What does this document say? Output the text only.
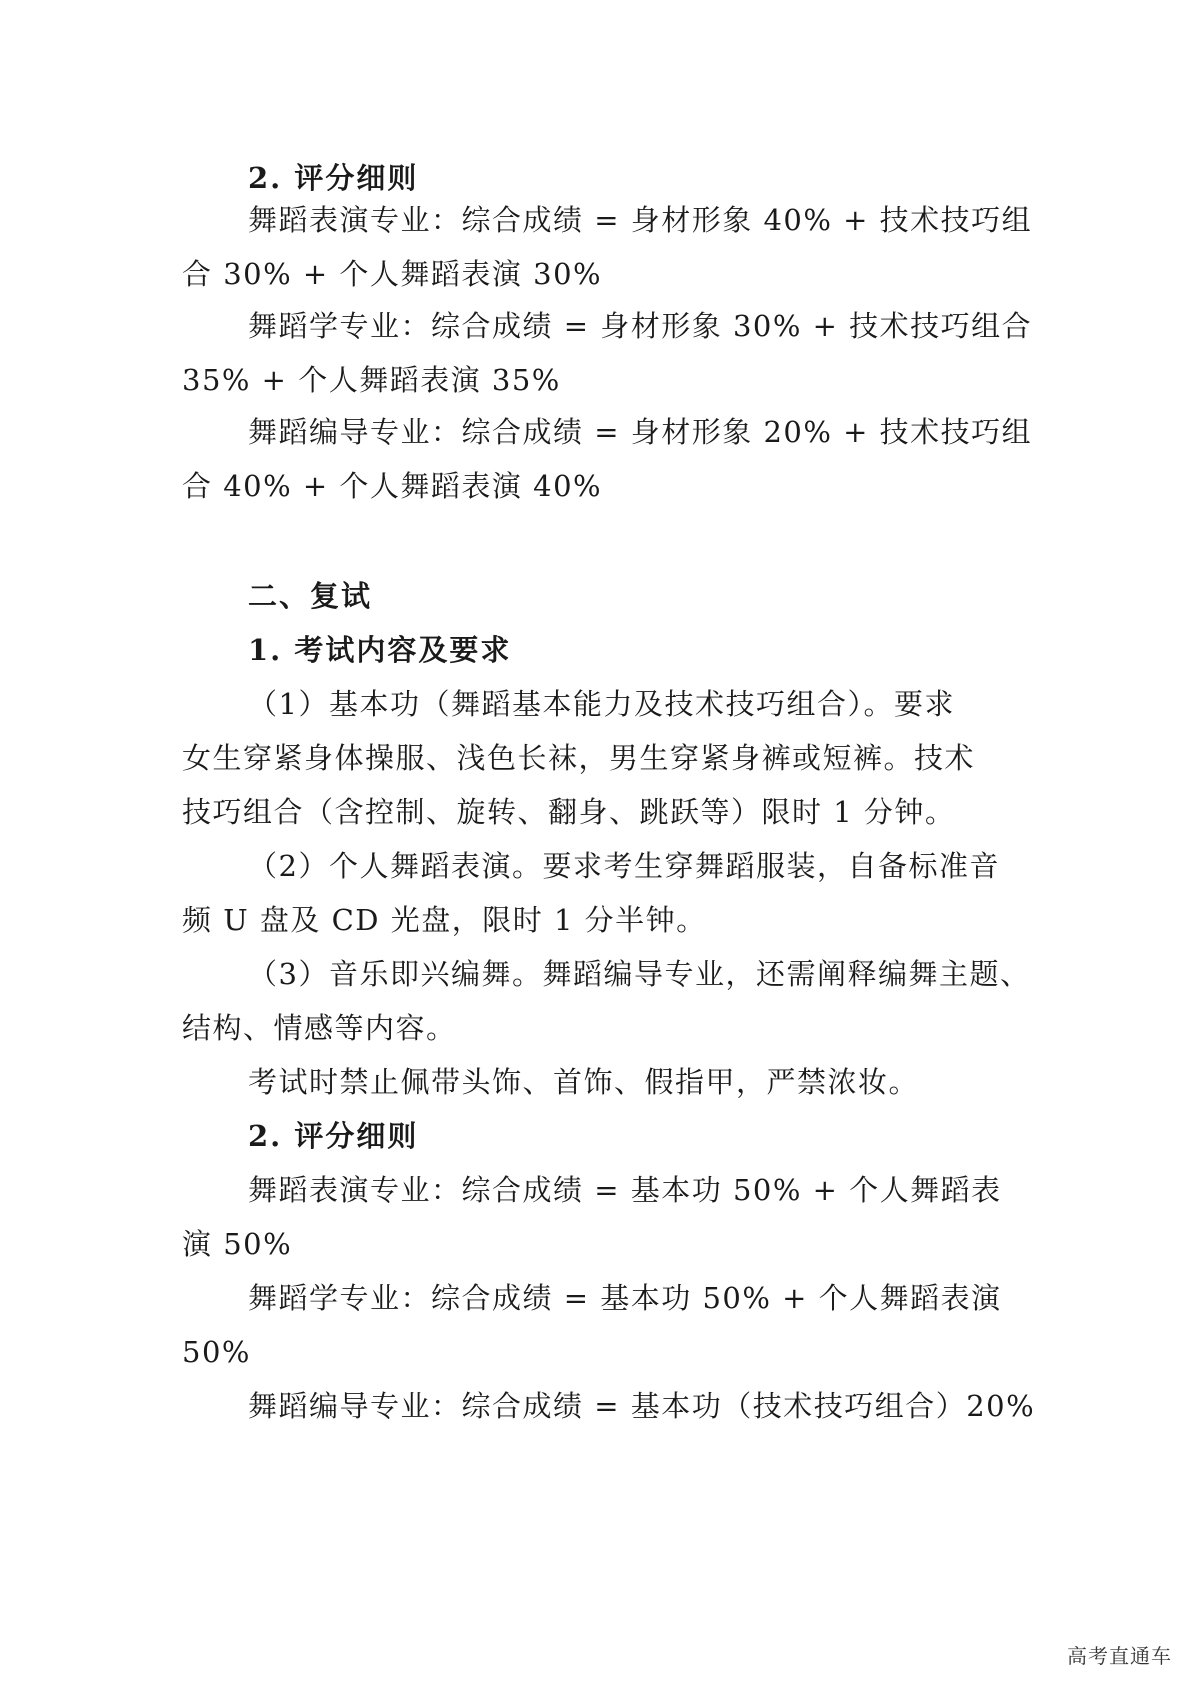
2. 评分细则
舞蹈表演专业：综合成绩 = 身材形象 40% + 技术技巧组
合 30% + 个人舞蹈表演 30%
舞蹈学专业：综合成绩 = 身材形象 30% + 技术技巧组合
35% + 个人舞蹈表演 35%
舞蹈编导专业：综合成绩 = 身材形象 20% + 技术技巧组
合 40% + 个人舞蹈表演 40%
二、复试
1. 考试内容及要求
（1）基本功（舞蹈基本能力及技术技巧组合）。要求
女生穿紧身体操服、浅色长袜，男生穿紧身裤或短裤。技术
技巧组合（含控制、旋转、翻身、跳跃等）限时 1 分钟。
（2）个人舞蹈表演。要求考生穿舞蹈服装，自备标准音
频 U 盘及 CD 光盘，限时 1 分半钟。
（3）音乐即兴编舞。舞蹈编导专业，还需阐释编舞主题、
结构、情感等内容。
考试时禁止佩带头饰、首饰、假指甲，严禁浓妆。
2. 评分细则
舞蹈表演专业：综合成绩 = 基本功 50% + 个人舞蹈表
演 50%
舞蹈学专业：综合成绩 = 基本功 50% + 个人舞蹈表演
50%
舞蹈编导专业：综合成绩 = 基本功（技术技巧组合）20%
高考直通车
